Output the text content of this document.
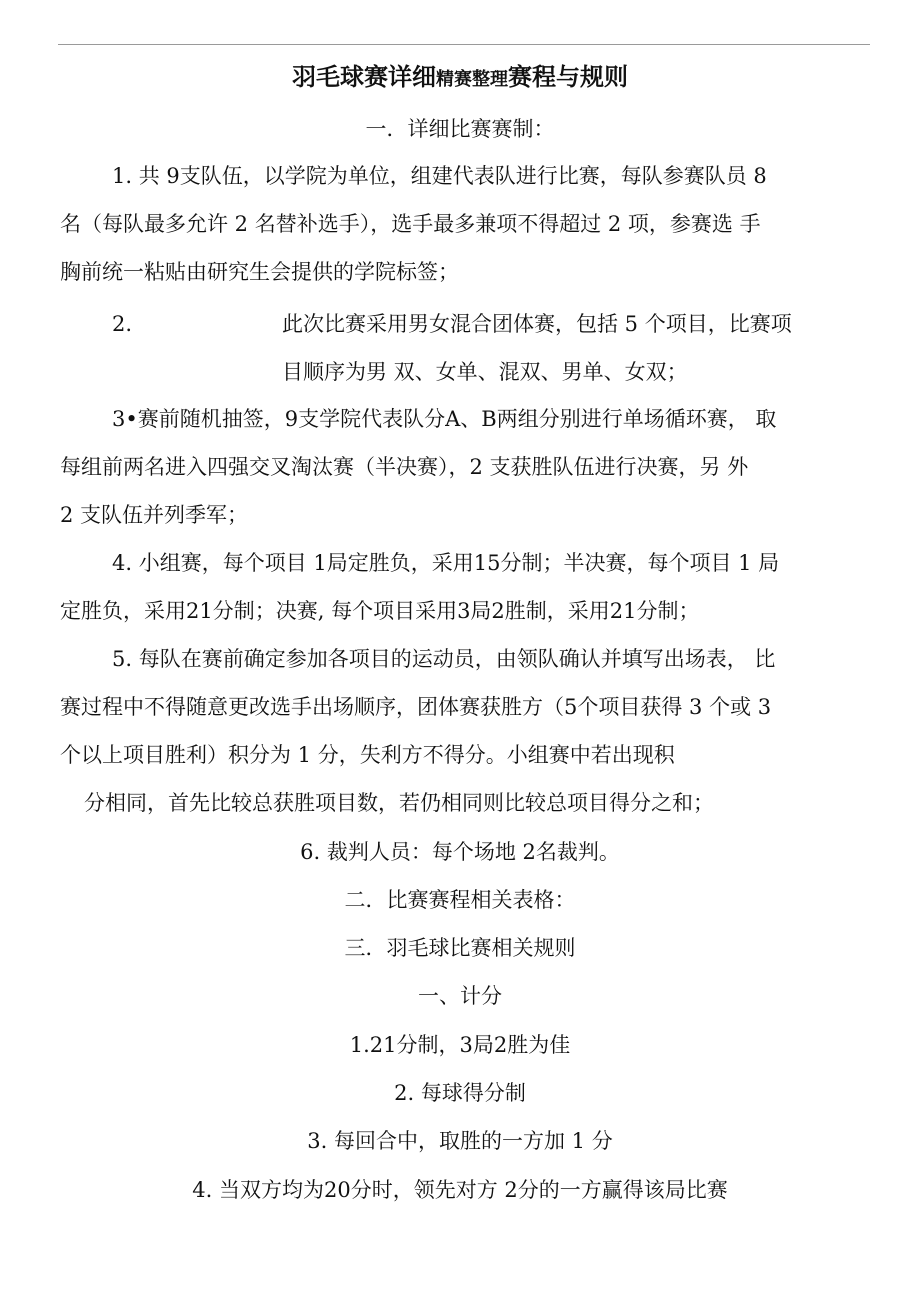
羽毛球赛详细精赛整理赛程与规则
一．详细比赛赛制：
1. 共 9支队伍，以学院为单位，组建代表队进行比赛，每队参赛队员 8
名（每队最多允许 2 名替补选手），选手最多兼项不得超过 2 项，参赛选 手
胸前统一粘贴由研究生会提供的学院标签；
2.	此次比赛采用男女混合团体赛，包括 5 个项目，比赛项
目顺序为男 双、女单、混双、男单、女双；
3•赛前随机抽签，9支学院代表队分A、B两组分别进行单场循环赛， 取
每组前两名进入四强交叉淘汰赛（半决赛），2 支获胜队伍进行决赛，另 外
2 支队伍并列季军；
4. 小组赛，每个项目 1局定胜负，采用15分制；半决赛，每个项目 1 局
定胜负，采用21分制；决赛, 每个项目采用3局2胜制，采用21分制；
5. 每队在赛前确定参加各项目的运动员，由领队确认并填写出场表， 比
赛过程中不得随意更改选手出场顺序，团体赛获胜方（5个项目获得 3 个或 3
个以上项目胜利）积分为 1 分，失利方不得分。小组赛中若出现积
分相同，首先比较总获胜项目数，若仍相同则比较总项目得分之和；
6. 裁判人员：每个场地 2名裁判。
二．比赛赛程相关表格：
三．羽毛球比赛相关规则
一、计分
1.21分制，3局2胜为佳
2. 每球得分制
3. 每回合中，取胜的一方加 1 分
4. 当双方均为20分时，领先对方 2分的一方赢得该局比赛
